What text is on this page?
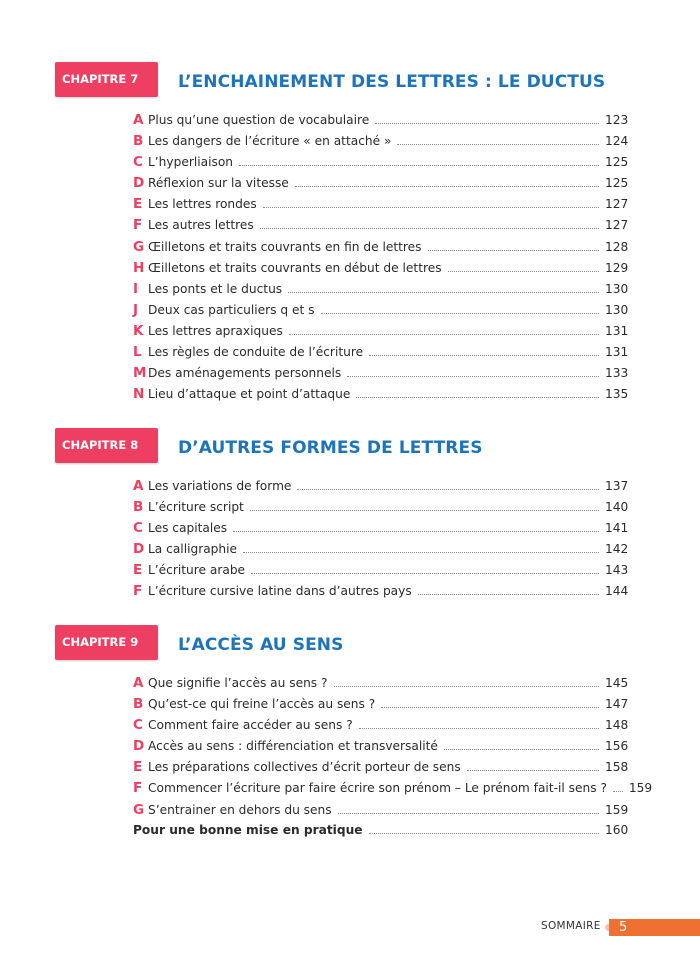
CHAPITRE 7	L’ENCHAINEMENT DES LETTRES : LE DUCTUS
A Plus qu’une question de vocabulaire	123
B Les dangers de l’écriture « en attaché »	124
C L’hyperliaison	125
D Réflexion sur la vitesse	125
E Les lettres rondes	127
F Les autres lettres	127
G Œilletons et traits couvrants en fin de lettres	128
H Œilletons et traits couvrants en début de lettres	129
I Les ponts et le ductus	130
J Deux cas particuliers q et s	130
K Les lettres apraxiques	131
L Les règles de conduite de l’écriture	131
M Des aménagements personnels	133
N Lieu d’attaque et point d’attaque	135
CHAPITRE 8	D’AUTRES FORMES DE LETTRES
A Les variations de forme	137
B L’écriture script	140
C Les capitales	141
D La calligraphie	142
E L’écriture arabe	143
F L’écriture cursive latine dans d’autres pays	144
CHAPITRE 9	L’ACCÈS AU SENS
A Que signifie l’accès au sens ?	145
B Qu’est-ce qui freine l’accès au sens ?	147
C Comment faire accéder au sens ?	148
D Accès au sens : différenciation et transversalité	156
E Les préparations collectives d’écrit porteur de sens	158
F Commencer l’écriture par faire écrire son prénom – Le prénom fait-il sens ? 159
G S’entrainer en dehors du sens	159
Pour une bonne mise en pratique	160
SOMMAIRE	5
